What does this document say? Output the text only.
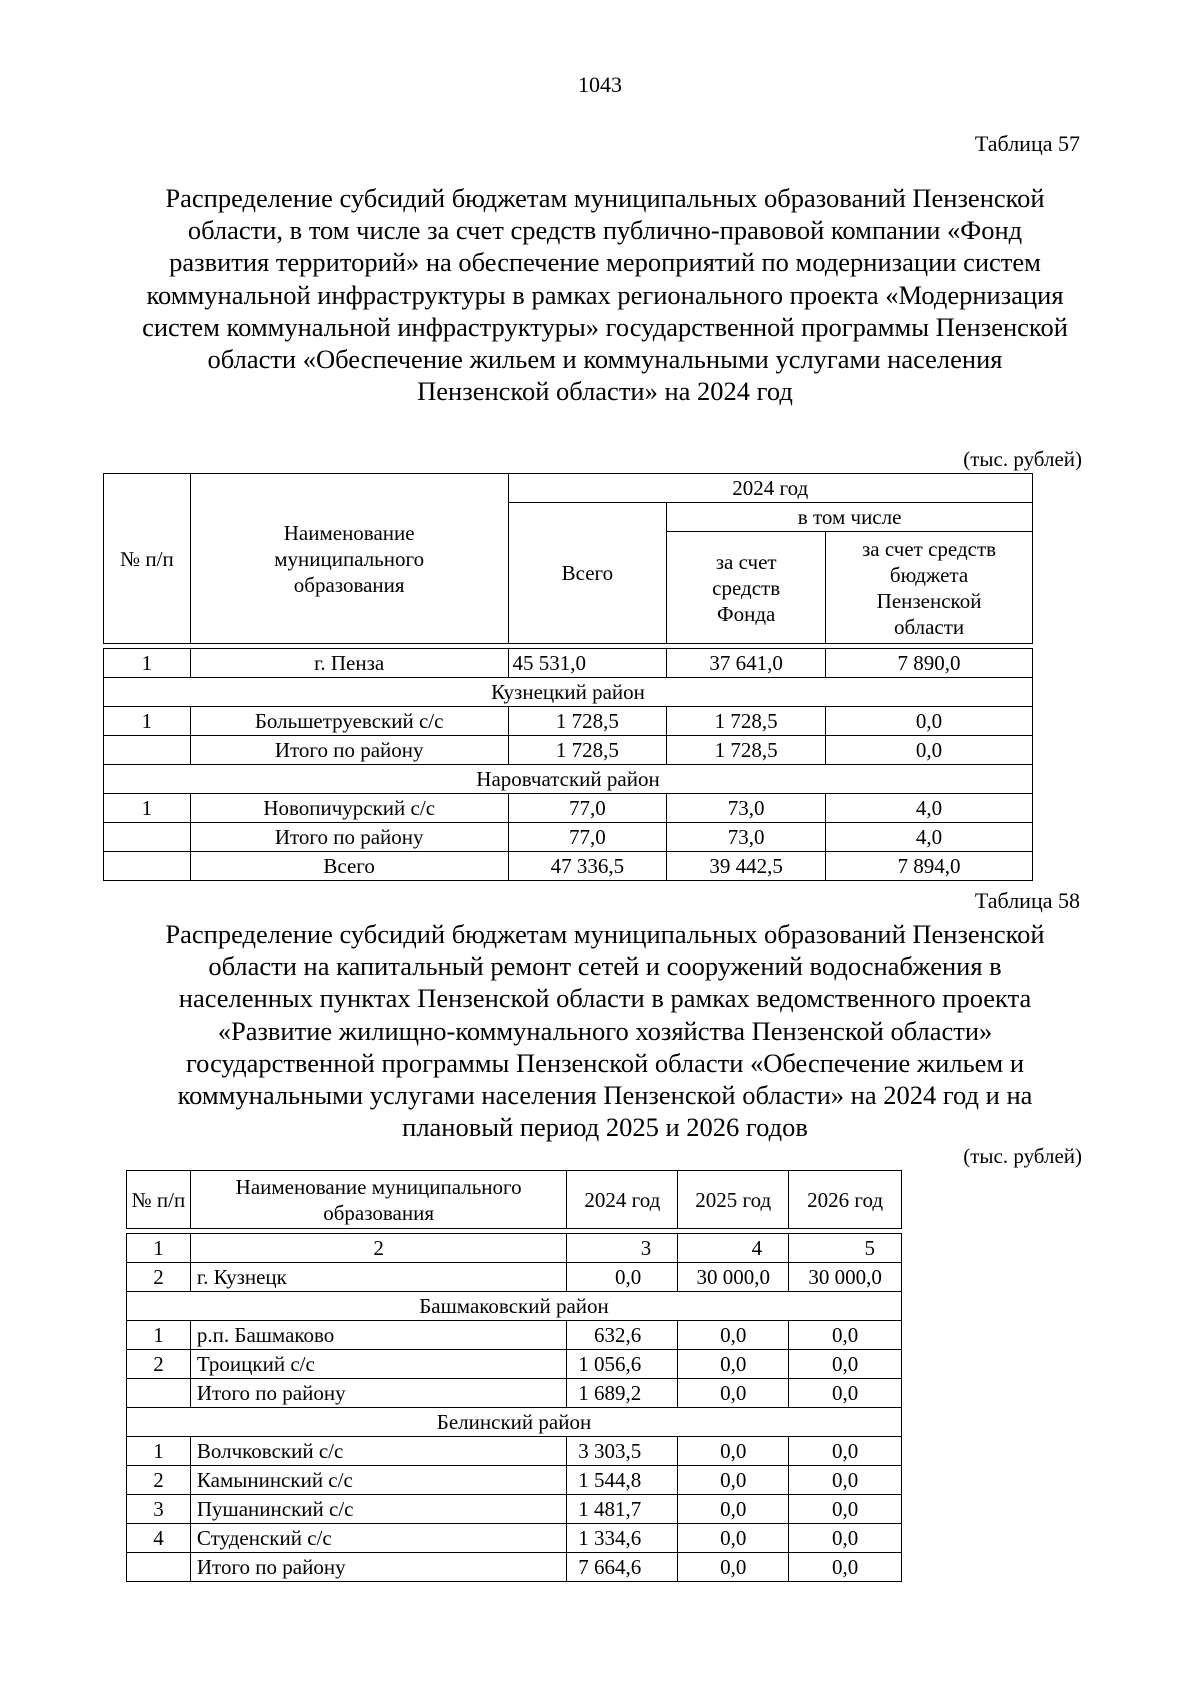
1043
Таблица 57
Распределение субсидий бюджетам муниципальных образований Пензенской области, в том числе за счет средств публично-правовой компании «Фонд развития территорий» на обеспечение мероприятий по модернизации систем коммунальной инфраструктуры в рамках регионального проекта «Модернизация систем коммунальной инфраструктуры» государственной программы Пензенской области «Обеспечение жильем и коммунальными услугами населения Пензенской области» на 2024 год
(тыс. рублей)
№ п/п	Наименование муниципального образования	2024 год		
		Всего	в том числе	
			за счет средств Фонда	за счет средств бюджета Пензенской области

1	г. Пенза	45 531,0	37 641,0	7 890,0
Кузнецкий район				
1	Большетруевский с/с	1 728,5	1 728,5	0,0
	Итого по району	1 728,5	1 728,5	0,0
Наровчатский район				
1	Новопичурский с/с	77,0	73,0	4,0
	Итого по району	77,0	73,0	4,0
	Всего	47 336,5	39 442,5	7 894,0
Таблица 58
Распределение субсидий бюджетам муниципальных образований Пензенской области на капитальный ремонт сетей и сооружений водоснабжения в населенных пунктах Пензенской области в рамках ведомственного проекта «Развитие жилищно-коммунального хозяйства Пензенской области» государственной программы Пензенской области «Обеспечение жильем и коммунальными услугами населения Пензенской области» на 2024 год и на плановый период 2025 и 2026 годов
(тыс. рублей)
№ п/п	Наименование муниципального образования	2024 год	2025 год	2026 год

1	2	3	4	5
2	г. Кузнецк	0,0	30 000,0	30 000,0
Башмаковский район				
1	р.п. Башмаково	632,6	0,0	0,0
2	Троицкий с/с	1 056,6	0,0	0,0
	Итого по району	1 689,2	0,0	0,0
Белинский район				
1	Волчковский с/с	3 303,5	0,0	0,0
2	Камынинский с/с	1 544,8	0,0	0,0
3	Пушанинский с/с	1 481,7	0,0	0,0
4	Студенский с/с	1 334,6	0,0	0,0
	Итого по району	7 664,6	0,0	0,0
